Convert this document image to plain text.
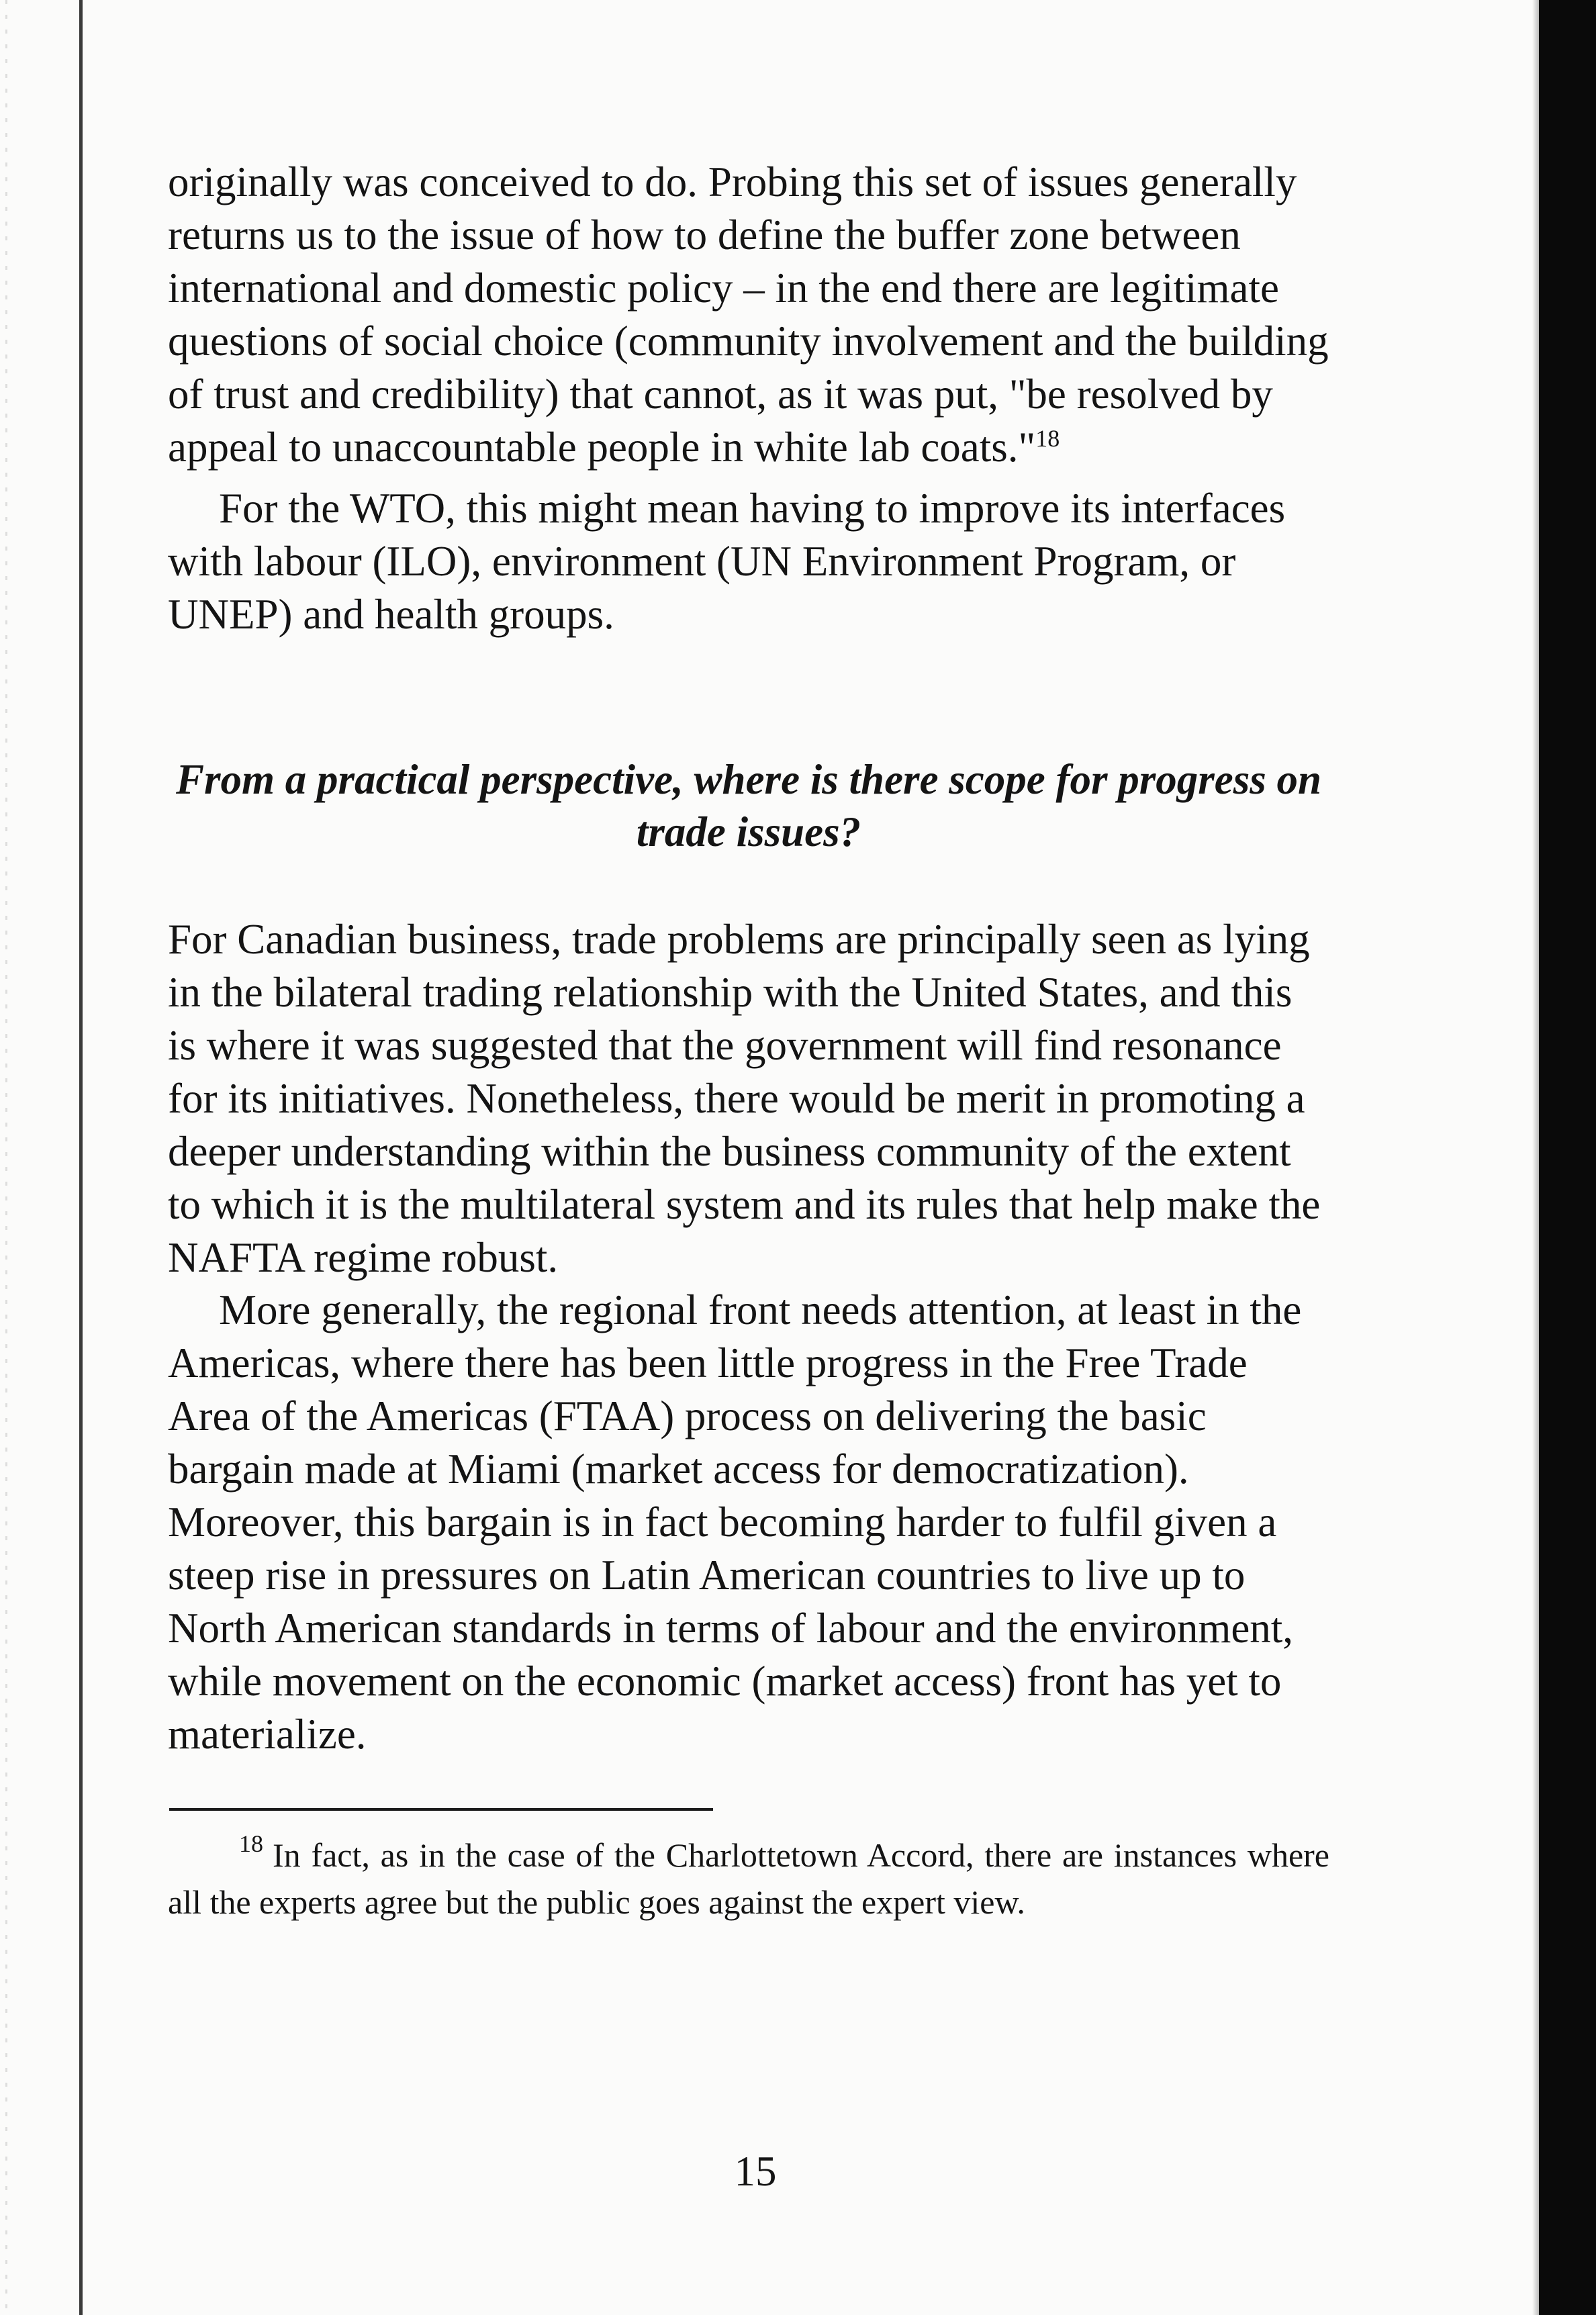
originally was conceived to do. Probing this set of issues generally returns us to the issue of how to define the buffer zone between international and domestic policy – in the end there are legitimate questions of social choice (community involvement and the building of trust and credibility) that cannot, as it was put, "be resolved by appeal to unaccountable people in white lab coats."$^{18}$

For the WTO, this might mean having to improve its interfaces with labour (ILO), environment (UN Environment Program, or UNEP) and health groups.

From a practical perspective, where is there scope for progress on trade issues?

For Canadian business, trade problems are principally seen as lying in the bilateral trading relationship with the United States, and this is where it was suggested that the government will find resonance for its initiatives. Nonetheless, there would be merit in promoting a deeper understanding within the business community of the extent to which it is the multilateral system and its rules that help make the NAFTA regime robust.

More generally, the regional front needs attention, at least in the Americas, where there has been little progress in the Free Trade Area of the Americas (FTAA) process on delivering the basic bargain made at Miami (market access for democratization). Moreover, this bargain is in fact becoming harder to fulfil given a steep rise in pressures on Latin American countries to live up to North American standards in terms of labour and the environment, while movement on the economic (market access) front has yet to materialize.

$^{18}$ In fact, as in the case of the Charlottetown Accord, there are instances where all the experts agree but the public goes against the expert view.

15
